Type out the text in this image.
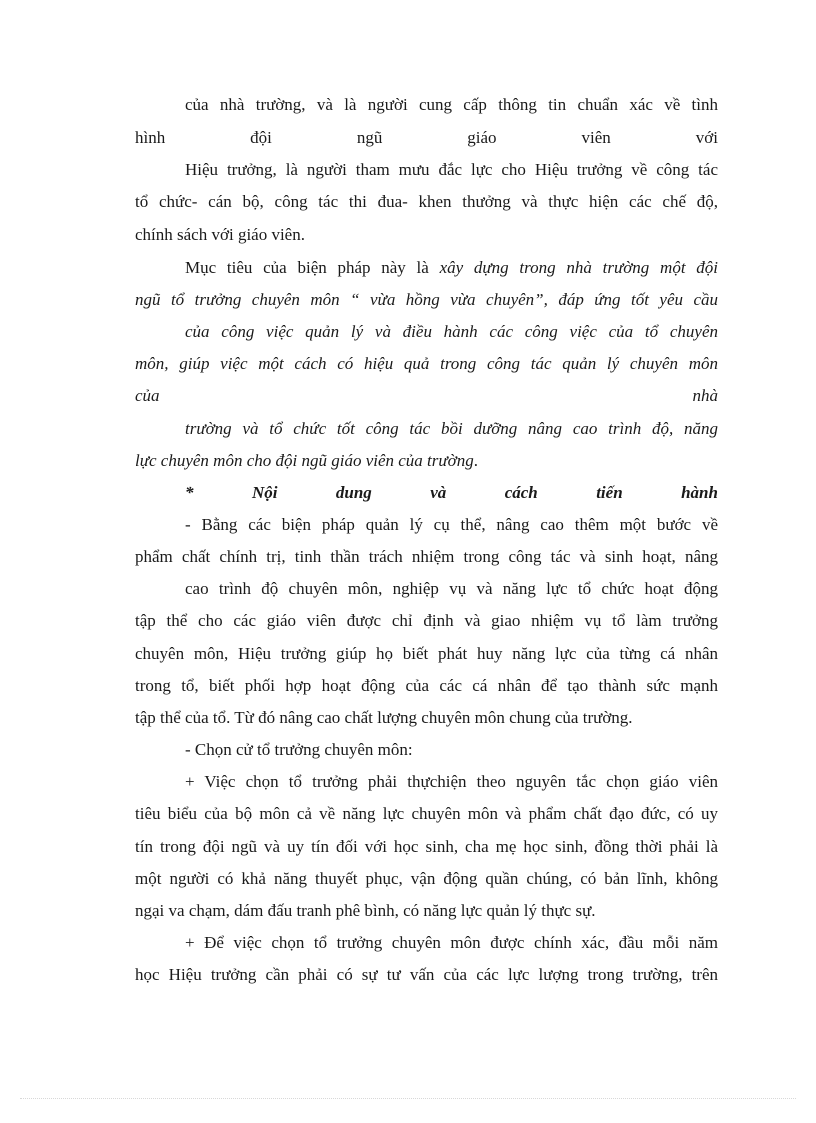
của nhà trường, và là người cung cấp thông tin chuẩn xác về tình
hình	đội	ngũ	giáo	viên	với
Hiệu trưởng, là người tham mưu đắc lực cho Hiệu trưởng về công tác
tổ chức- cán bộ, công tác thi đua- khen thưởng và thực hiện các chế độ,
chính sách với giáo viên.
Mục tiêu của biện pháp này là xây dựng trong nhà trường một đội
ngũ tổ trưởng chuyên môn “ vừa hồng vừa chuyên”, đáp ứng tốt yêu cầu
của công việc quản lý và điều hành các công việc của tổ chuyên
môn, giúp việc một cách có hiệu quả trong công tác quản lý chuyên môn
của	nhà
trường và tổ chức tốt công tác bồi dưỡng nâng cao trình độ, năng
lực chuyên môn cho đội ngũ giáo viên của trường.
*	Nội	dung	và	cách	tiến	hành
- Bằng các biện pháp quản lý cụ thể, nâng cao thêm một bước về
phẩm chất chính trị, tinh thần trách nhiệm trong công tác và sinh hoạt, nâng
cao trình độ chuyên môn, nghiệp vụ và năng lực tổ chức hoạt động
tập thể cho các giáo viên được chỉ định và giao nhiệm vụ tổ làm trưởng
chuyên môn, Hiệu trưởng giúp họ biết phát huy năng lực của từng cá nhân
trong tổ, biết phối hợp hoạt động của các cá nhân để tạo thành sức mạnh
tập thể của tổ. Từ đó nâng cao chất lượng chuyên môn chung của trường.
- Chọn cử tổ trưởng chuyên môn:
+ Việc chọn tổ trưởng phải thựchiện theo nguyên tắc chọn giáo viên
tiêu biểu của bộ môn cả về năng lực chuyên môn và phẩm chất đạo đức, có uy
tín trong đội ngũ và uy tín đối với học sinh, cha mẹ học sinh, đồng thời phải là
một người có khả năng thuyết phục, vận động quần chúng, có bản lĩnh, không
ngại va chạm, dám đấu tranh phê bình, có năng lực quản lý thực sự.
+ Để việc chọn tổ trưởng chuyên môn được chính xác, đầu mỗi năm
học Hiệu trưởng cần phải có sự tư vấn của các lực lượng trong trường, trên
